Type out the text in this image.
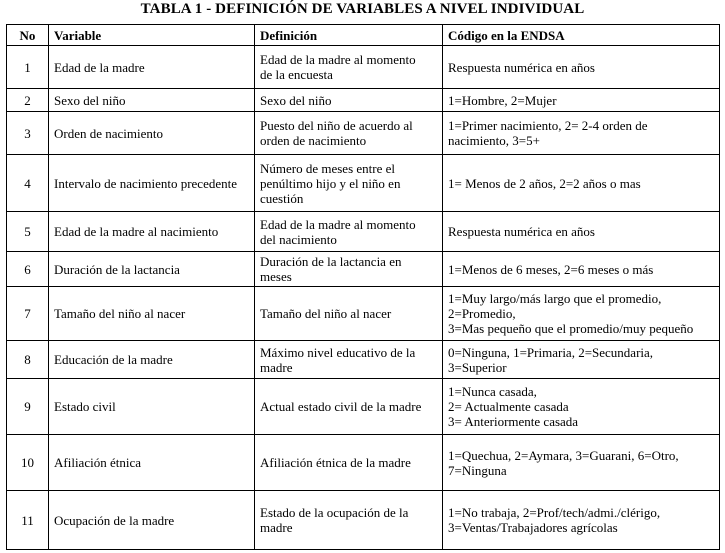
TABLA 1 - DEFINICIÓN DE VARIABLES A NIVEL INDIVIDUAL
No	Variable	Definición	Código en la ENDSA
1	Edad de la madre	Edad de la madre al momento
de la encuesta	Respuesta numérica en años
2	Sexo del niño	Sexo del niño	1=Hombre, 2=Mujer
3	Orden de nacimiento	Puesto del niño de acuerdo al
orden de nacimiento	1=Primer nacimiento, 2= 2-4 orden de
nacimiento, 3=5+
4	Intervalo de nacimiento precedente	Número de meses entre el
penúltimo hijo y el niño en
cuestión	1= Menos de 2 años, 2=2 años o mas
5	Edad de la madre al nacimiento	Edad de la madre al momento
del nacimiento	Respuesta numérica en años
6	Duración de la lactancia	Duración de la lactancia en
meses	1=Menos de 6 meses, 2=6 meses o más
7	Tamaño del niño al nacer	Tamaño del niño al nacer	1=Muy largo/más largo que el promedio,
2=Promedio,
3=Mas pequeño que el promedio/muy pequeño
8	Educación de la madre	Máximo nivel educativo de la
madre	0=Ninguna, 1=Primaria, 2=Secundaria,
3=Superior
9	Estado civil	Actual estado civil de la madre	1=Nunca casada,
2= Actualmente casada
3= Anteriormente casada
10	Afiliación étnica	Afiliación étnica de la madre	1=Quechua, 2=Aymara, 3=Guarani, 6=Otro,
7=Ninguna
11	Ocupación de la madre	Estado de la ocupación de la
madre	1=No trabaja, 2=Prof/tech/admi./clérigo,
3=Ventas/Trabajadores agrícolas
